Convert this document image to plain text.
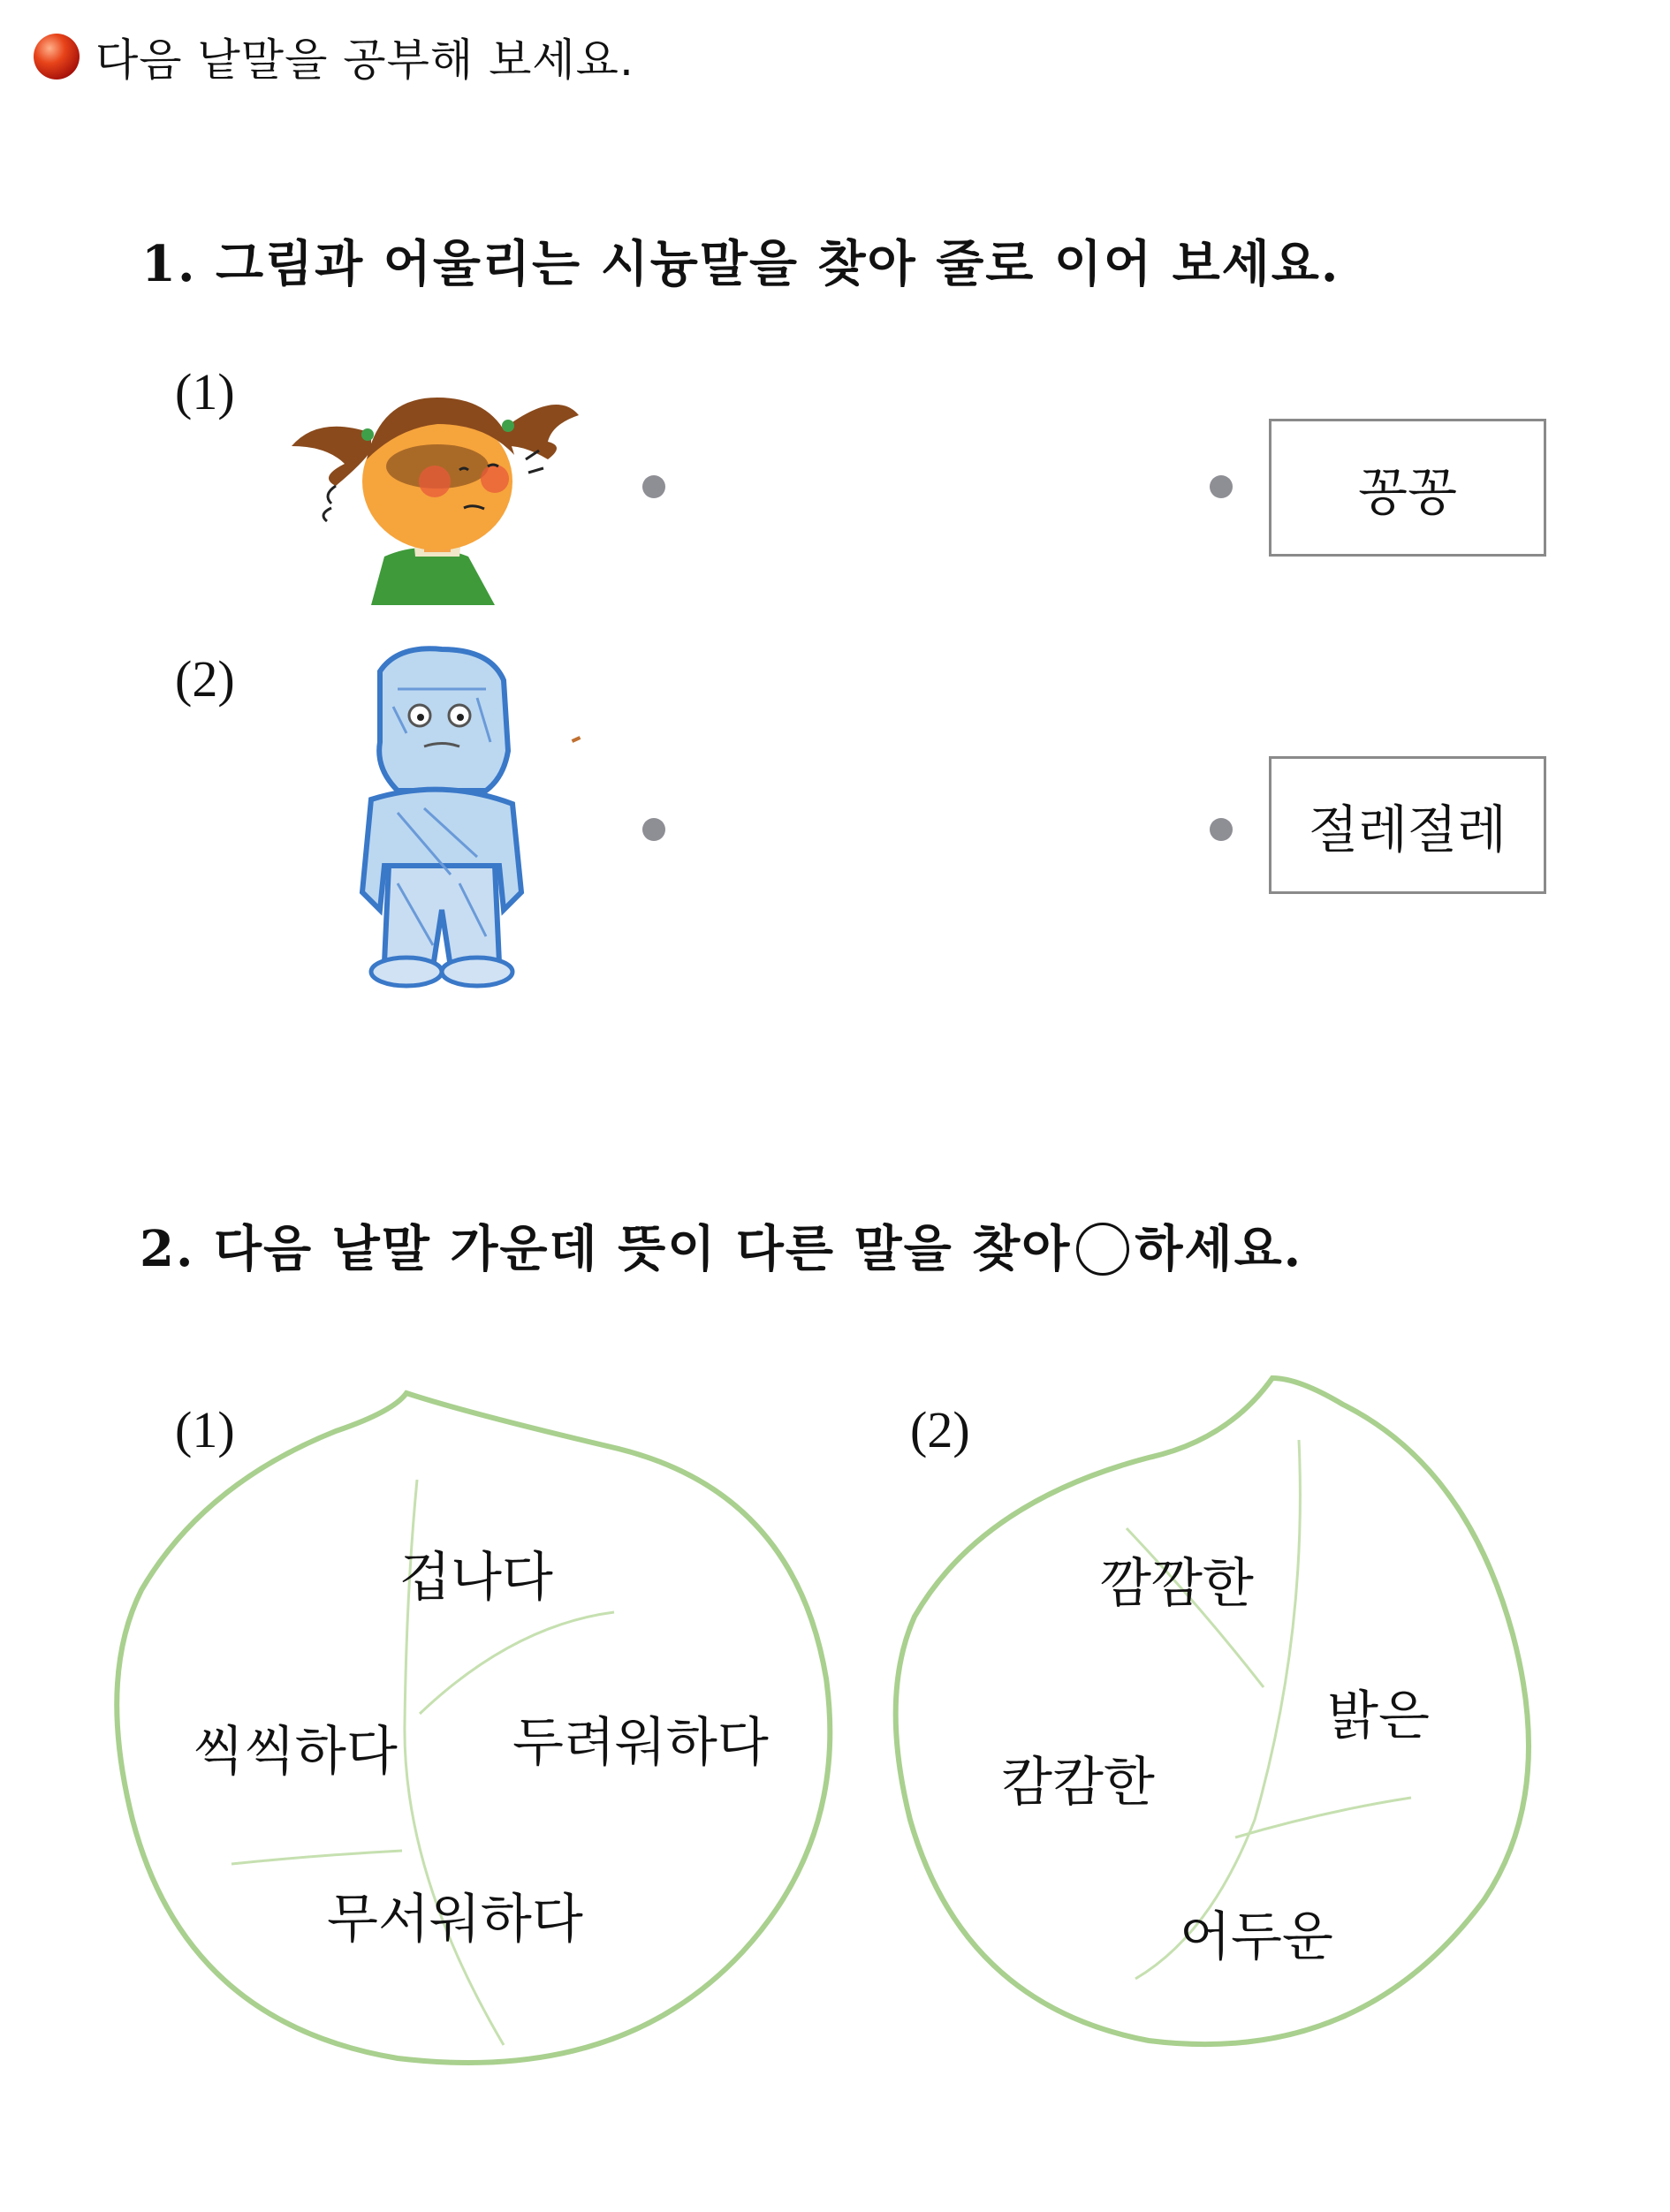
다음 낱말을 공부해 보세요.
1. 그림과 어울리는 시늉말을 찾아 줄로 이어 보세요.
(1)
(2)
꽁꽁
절레절레
2. 다음 낱말 가운데 뜻이 다른 말을 찾아 ○ 하세요.
(1)	(2)
겁나다
씩씩하다 두려워하다
무서워하다
깜깜한
밝은
캄캄한
어두운
